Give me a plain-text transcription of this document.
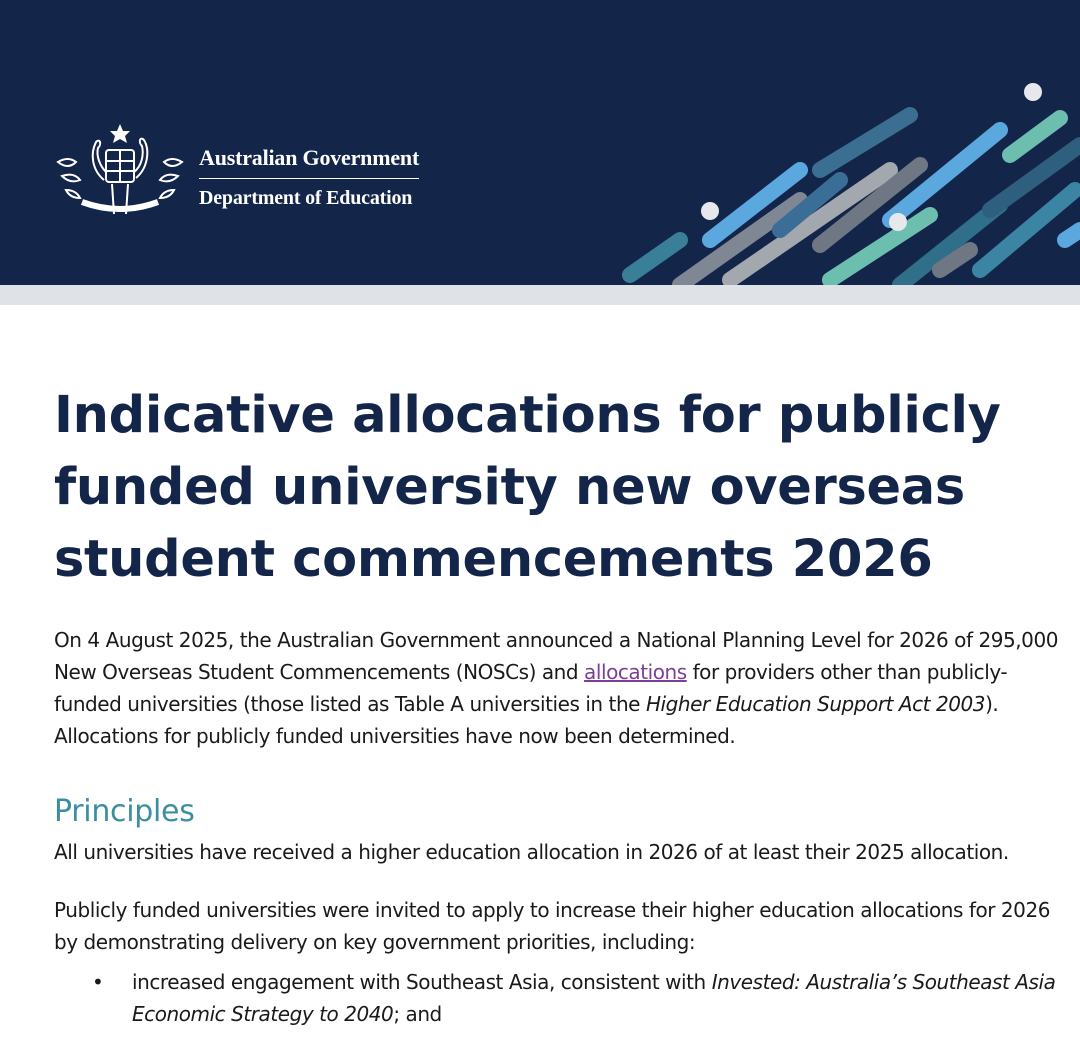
Australian Government
Department of Education
Indicative allocations for publicly funded university new overseas student commencements 2026

On 4 August 2025, the Australian Government announced a National Planning Level for 2026 of 295,000 New Overseas Student Commencements (NOSCs) and allocations for providers other than publicly-funded universities (those listed as Table A universities in the Higher Education Support Act 2003). Allocations for publicly funded universities have now been determined.

Principles

All universities have received a higher education allocation in 2026 of at least their 2025 allocation.

Publicly funded universities were invited to apply to increase their higher education allocations for 2026 by demonstrating delivery on key government priorities, including:

• increased engagement with Southeast Asia, consistent with Invested: Australia’s Southeast Asia Economic Strategy to 2040; and
